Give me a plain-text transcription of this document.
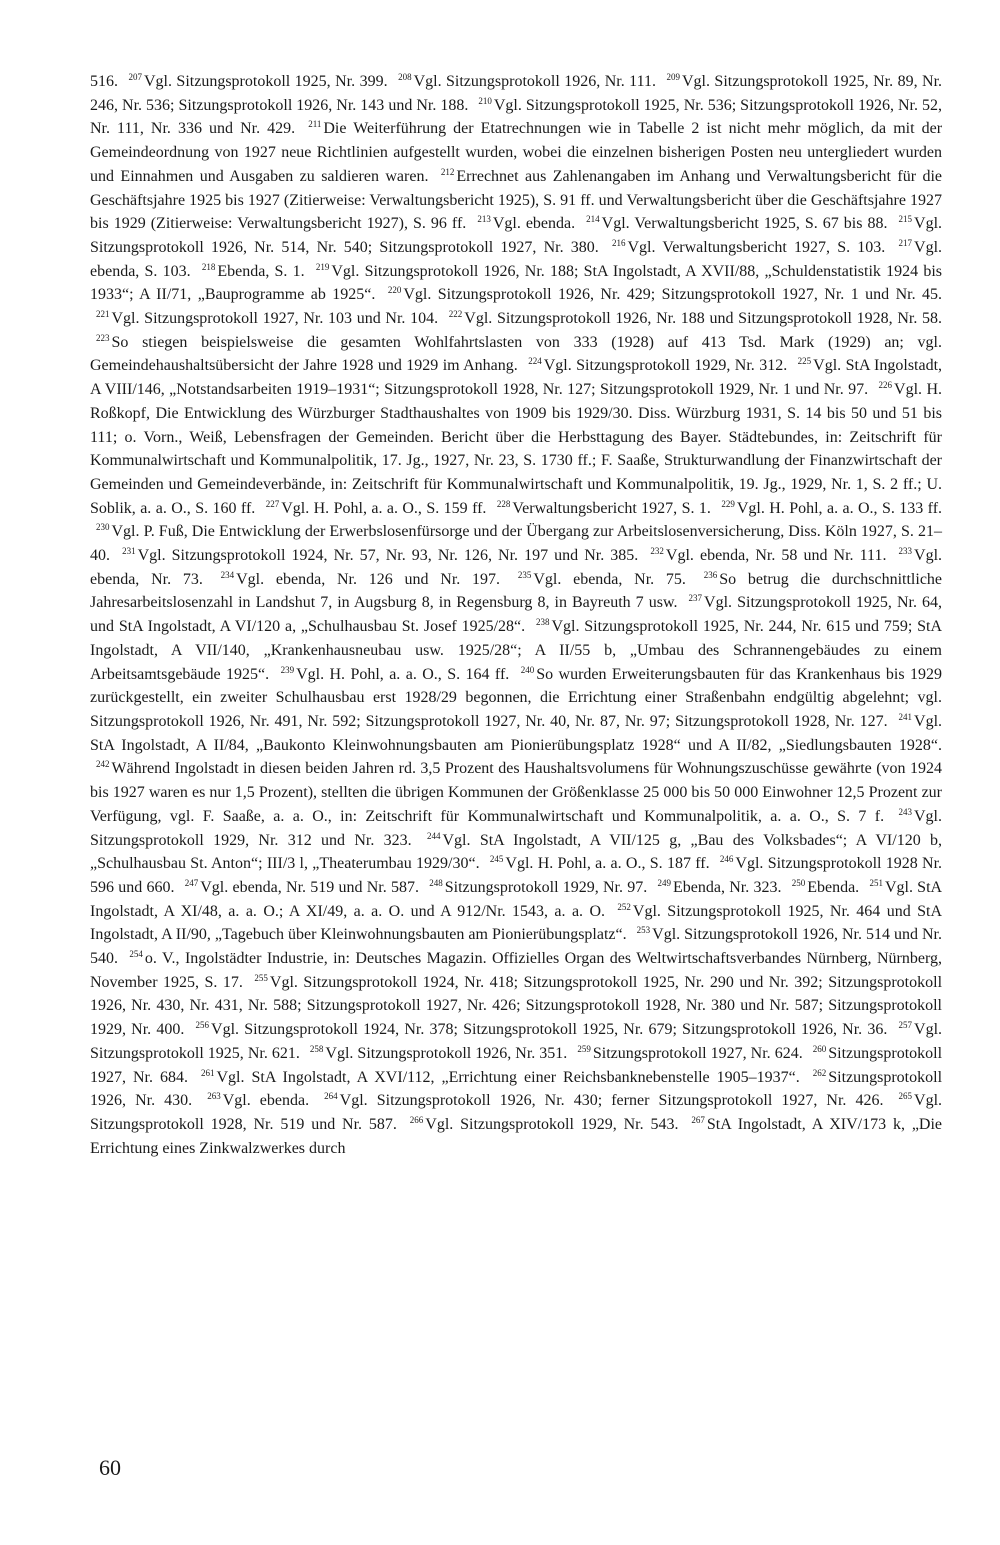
516. $^{207}$ Vgl. Sitzungsprotokoll 1925, Nr. 399. $^{208}$ Vgl. Sitzungsprotokoll 1926, Nr. 111. $^{209}$ Vgl. Sitzungsprotokoll 1925, Nr. 89, Nr. 246, Nr. 536; Sitzungsprotokoll 1926, Nr. 143 und Nr. 188. $^{210}$ Vgl. Sitzungsprotokoll 1925, Nr. 536; Sitzungsprotokoll 1926, Nr. 52, Nr. 111, Nr. 336 und Nr. 429. $^{211}$ Die Weiterführung der Etatrechnungen wie in Tabelle 2 ist nicht mehr möglich, da mit der Gemeindeordnung von 1927 neue Richtlinien aufgestellt wurden, wobei die einzelnen bisherigen Posten neu untergliedert wurden und Einnahmen und Ausgaben zu saldieren waren. $^{212}$ Errechnet aus Zahlenangaben im Anhang und Verwaltungsbericht für die Geschäftsjahre 1925 bis 1927 (Zitierweise: Verwaltungsbericht 1925), S. 91 ff. und Verwaltungsbericht über die Geschäftsjahre 1927 bis 1929 (Zitierweise: Verwaltungsbericht 1927), S. 96 ff. $^{213}$ Vgl. ebenda. $^{214}$ Vgl. Verwaltungsbericht 1925, S. 67 bis 88. $^{215}$ Vgl. Sitzungsprotokoll 1926, Nr. 514, Nr. 540; Sitzungsprotokoll 1927, Nr. 380. $^{216}$ Vgl. Verwaltungsbericht 1927, S. 103. $^{217}$ Vgl. ebenda, S. 103. $^{218}$ Ebenda, S. 1. $^{219}$ Vgl. Sitzungsprotokoll 1926, Nr. 188; StA Ingolstadt, A XVII/88, „Schuldenstatistik 1924 bis 1933“; A II/71, „Bauprogramme ab 1925“. $^{220}$ Vgl. Sitzungsprotokoll 1926, Nr. 429; Sitzungsprotokoll 1927, Nr. 1 und Nr. 45. $^{221}$ Vgl. Sitzungsprotokoll 1927, Nr. 103 und Nr. 104. $^{222}$ Vgl. Sitzungsprotokoll 1926, Nr. 188 und Sitzungsprotokoll 1928, Nr. 58. $^{223}$ So stiegen beispielsweise die gesamten Wohlfahrtslasten von 333 (1928) auf 413 Tsd. Mark (1929) an; vgl. Gemeindehaushaltsübersicht der Jahre 1928 und 1929 im Anhang. $^{224}$ Vgl. Sitzungsprotokoll 1929, Nr. 312. $^{225}$ Vgl. StA Ingolstadt, A VIII/146, „Notstandsarbeiten 1919–1931“; Sitzungsprotokoll 1928, Nr. 127; Sitzungsprotokoll 1929, Nr. 1 und Nr. 97. $^{226}$ Vgl. H. Roßkopf, Die Entwicklung des Würzburger Stadthaushaltes von 1909 bis 1929/30. Diss. Würzburg 1931, S. 14 bis 50 und 51 bis 111; o. Vorn., Weiß, Lebensfragen der Gemeinden. Bericht über die Herbsttagung des Bayer. Städtebundes, in: Zeitschrift für Kommunalwirtschaft und Kommunalpolitik, 17. Jg., 1927, Nr. 23, S. 1730 ff.; F. Saaße, Strukturwandlung der Finanzwirtschaft der Gemeinden und Gemeindeverbände, in: Zeitschrift für Kommunalwirtschaft und Kommunalpolitik, 19. Jg., 1929, Nr. 1, S. 2 ff.; U. Soblik, a. a. O., S. 160 ff. $^{227}$ Vgl. H. Pohl, a. a. O., S. 159 ff. $^{228}$ Verwaltungsbericht 1927, S. 1. $^{229}$ Vgl. H. Pohl, a. a. O., S. 133 ff. $^{230}$ Vgl. P. Fuß, Die Entwicklung der Erwerbslosenfürsorge und der Übergang zur Arbeitslosenversicherung, Diss. Köln 1927, S. 21–40. $^{231}$ Vgl. Sitzungsprotokoll 1924, Nr. 57, Nr. 93, Nr. 126, Nr. 197 und Nr. 385. $^{232}$ Vgl. ebenda, Nr. 58 und Nr. 111. $^{233}$ Vgl. ebenda, Nr. 73. $^{234}$ Vgl. ebenda, Nr. 126 und Nr. 197. $^{235}$ Vgl. ebenda, Nr. 75. $^{236}$ So betrug die durchschnittliche Jahresarbeitslosenzahl in Landshut 7, in Augsburg 8, in Regensburg 8, in Bayreuth 7 usw. $^{237}$ Vgl. Sitzungsprotokoll 1925, Nr. 64, und StA Ingolstadt, A VI/120 a, „Schulhausbau St. Josef 1925/28“. $^{238}$ Vgl. Sitzungsprotokoll 1925, Nr. 244, Nr. 615 und 759; StA Ingolstadt, A VII/140, „Krankenhausneubau usw. 1925/28“; A II/55 b, „Umbau des Schrannengebäudes zu einem Arbeitsamtsgebäude 1925“. $^{239}$ Vgl. H. Pohl, a. a. O., S. 164 ff. $^{240}$ So wurden Erweiterungsbauten für das Krankenhaus bis 1929 zurückgestellt, ein zweiter Schulhausbau erst 1928/29 begonnen, die Errichtung einer Straßenbahn endgültig abgelehnt; vgl. Sitzungsprotokoll 1926, Nr. 491, Nr. 592; Sitzungsprotokoll 1927, Nr. 40, Nr. 87, Nr. 97; Sitzungsprotokoll 1928, Nr. 127. $^{241}$ Vgl. StA Ingolstadt, A II/84, „Baukonto Kleinwohnungsbauten am Pionierübungsplatz 1928“ und A II/82, „Siedlungsbauten 1928“. $^{242}$ Während Ingolstadt in diesen beiden Jahren rd. 3,5 Prozent des Haushaltsvolumens für Wohnungszuschüsse gewährte (von 1924 bis 1927 waren es nur 1,5 Prozent), stellten die übrigen Kommunen der Größenklasse 25 000 bis 50 000 Einwohner 12,5 Prozent zur Verfügung, vgl. F. Saaße, a. a. O., in: Zeitschrift für Kommunalwirtschaft und Kommunalpolitik, a. a. O., S. 7 f. $^{243}$ Vgl. Sitzungsprotokoll 1929, Nr. 312 und Nr. 323. $^{244}$ Vgl. StA Ingolstadt, A VII/125 g, „Bau des Volksbades“; A VI/120 b, „Schulhausbau St. Anton“; III/3 l, „Theaterumbau 1929/30“. $^{245}$ Vgl. H. Pohl, a. a. O., S. 187 ff. $^{246}$ Vgl. Sitzungsprotokoll 1928 Nr. 596 und 660. $^{247}$ Vgl. ebenda, Nr. 519 und Nr. 587. $^{248}$ Sitzungsprotokoll 1929, Nr. 97. $^{249}$ Ebenda, Nr. 323. $^{250}$ Ebenda. $^{251}$ Vgl. StA Ingolstadt, A XI/48, a. a. O.; A XI/49, a. a. O. und A 912/Nr. 1543, a. a. O. $^{252}$ Vgl. Sitzungsprotokoll 1925, Nr. 464 und StA Ingolstadt, A II/90, „Tagebuch über Kleinwohnungsbauten am Pionierübungsplatz“. $^{253}$ Vgl. Sitzungsprotokoll 1926, Nr. 514 und Nr. 540. $^{254}$ o. V., Ingolstädter Industrie, in: Deutsches Magazin. Offizielles Organ des Weltwirtschaftsverbandes Nürnberg, Nürnberg, November 1925, S. 17. $^{255}$ Vgl. Sitzungsprotokoll 1924, Nr. 418; Sitzungsprotokoll 1925, Nr. 290 und Nr. 392; Sitzungsprotokoll 1926, Nr. 430, Nr. 431, Nr. 588; Sitzungsprotokoll 1927, Nr. 426; Sitzungsprotokoll 1928, Nr. 380 und Nr. 587; Sitzungsprotokoll 1929, Nr. 400. $^{256}$ Vgl. Sitzungsprotokoll 1924, Nr. 378; Sitzungsprotokoll 1925, Nr. 679; Sitzungsprotokoll 1926, Nr. 36. $^{257}$ Vgl. Sitzungsprotokoll 1925, Nr. 621. $^{258}$ Vgl. Sitzungsprotokoll 1926, Nr. 351. $^{259}$ Sitzungsprotokoll 1927, Nr. 624. $^{260}$ Sitzungsprotokoll 1927, Nr. 684. $^{261}$ Vgl. StA Ingolstadt, A XVI/112, „Errichtung einer Reichsbanknebenstelle 1905–1937“. $^{262}$ Sitzungsprotokoll 1926, Nr. 430. $^{263}$ Vgl. ebenda. $^{264}$ Vgl. Sitzungsprotokoll 1926, Nr. 430; ferner Sitzungsprotokoll 1927, Nr. 426. $^{265}$ Vgl. Sitzungsprotokoll 1928, Nr. 519 und Nr. 587. $^{266}$ Vgl. Sitzungsprotokoll 1929, Nr. 543. $^{267}$ StA Ingolstadt, A XIV/173 k, „Die Errichtung eines Zinkwalzwerkes durch

60
